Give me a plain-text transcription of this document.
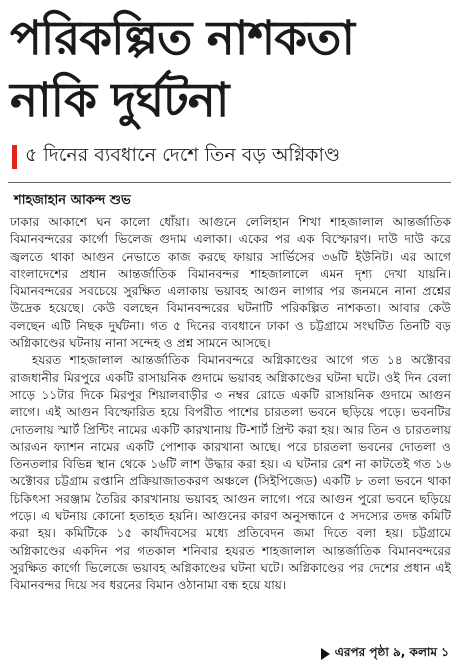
পরিকল্পিত নাশকতা
নাকি দুর্ঘটনা
৫ দিনের ব্যবধানে দেশে তিন বড় অগ্নিকাণ্ড
শাহজাহান আকন্দ শুভ

ঢাকার আকাশে ঘন কালো ধোঁয়া। আগুনে লেলিহান শিখা শাহজালাল আন্তর্জাতিক বিমানবন্দরের কার্গো ভিলেজ গুদাম এলাকা। একের পর এক বিস্ফোরণ। দাউ দাউ করে জ্বলতে থাকা আগুন নেভাতে কাজ করছে ফায়ার সার্ভিসের ৩৬টি ইউনিট। এর আগে বাংলাদেশের প্রধান আন্তর্জাতিক বিমানবন্দর শাহজালালে এমন দৃশ্য দেখা যায়নি। বিমানবন্দরের সবচেয়ে সুরক্ষিত এলাকায় ভয়াবহ আগুন লাগার পর জনমনে নানা প্রশ্নের উদ্রেক হয়েছে। কেউ বলছেন বিমানবন্দরের ঘটনাটি পরিকল্পিত নাশকতা। আবার কেউ বলছেন এটি নিছক দুর্ঘটনা। গত ৫ দিনের ব্যবধানে ঢাকা ও চট্টগ্রামে সংঘটিত তিনটি বড় অগ্নিকাণ্ডের ঘটনায় নানা সন্দেহ ও প্রশ্ন সামনে আসছে।

হযরত শাহজালাল আন্তর্জাতিক বিমানবন্দরে অগ্নিকাণ্ডের আগে গত ১৪ অক্টোবর রাজধানীর মিরপুরে একটি রাসায়নিক গুদামে ভয়াবহ অগ্নিকাণ্ডের ঘটনা ঘটে। ওই দিন বেলা সাড়ে ১১টার দিকে মিরপুর শিয়ালবাড়ীর ৩ নম্বর রোডে একটি রাসায়নিক গুদামে আগুন লাগে। এই আগুন বিস্ফোরিত হয়ে বিপরীত পাশের চারতলা ভবনে ছড়িয়ে পড়ে। ভবনটির দোতলায় স্মার্ট প্রিন্টিং নামের একটি কারখানায় টি-শার্ট প্রিন্ট করা হয়। আর তিন ও চারতলায় আরএন ফ্যাশন নামের একটি পোশাক কারখানা আছে। পরে চারতলা ভবনের দোতলা ও তিনতলার বিভিন্ন স্থান থেকে ১৬টি লাশ উদ্ধার করা হয়। এ ঘটনার রেশ না কাটতেই গত ১৬ অক্টোবর চট্টগ্রাম রপ্তানি প্রক্রিয়াজাতকরণ অঞ্চলে (সিইপিজেড) একটি ৮ তলা ভবনে থাকা চিকিৎসা সরঞ্জাম তৈরির কারখানায় ভয়াবহ আগুন লাগে। পরে আগুন পুরো ভবনে ছড়িয়ে পড়ে। এ ঘটনায় কোনো হতাহত হয়নি। আগুনের কারণ অনুসন্ধানে ৫ সদস্যের তদন্ত কমিটি করা হয়। কমিটিকে ১৫ কার্যদিবসের মধ্যে প্রতিবেদন জমা দিতে বলা হয়। চট্টগ্রামে অগ্নিকাণ্ডের একদিন পর গতকাল শনিবার হযরত শাহজালাল আন্তর্জাতিক বিমানবন্দরের সুরক্ষিত কার্গো ভিলেজে ভয়াবহ অগ্নিকাণ্ডের ঘটনা ঘটে। অগ্নিকাণ্ডের পর দেশের প্রধান এই বিমানবন্দর দিয়ে সব ধরনের বিমান ওঠানামা বন্ধ হয়ে যায়।

এরপর পৃষ্ঠা ৯, কলাম ১
